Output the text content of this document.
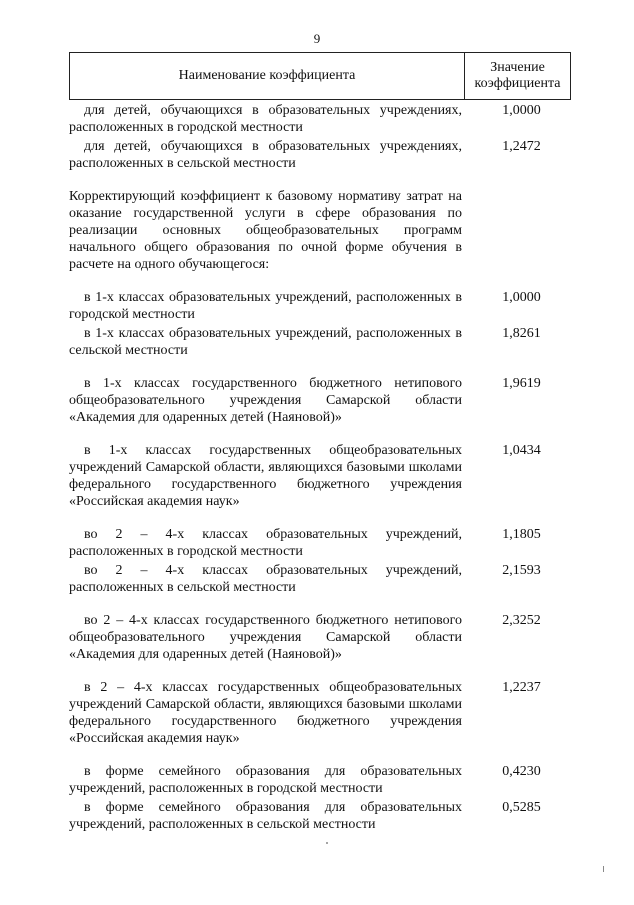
9
Наименование коэффициента
Значение
коэффициента
для детей, обучающихся в образовательных учреждениях, расположенных в городской местности
1,0000
для детей, обучающихся в образовательных учреждениях, расположенных в сельской местности
1,2472
Корректирующий коэффициент к базовому нормативу затрат на оказание государственной услуги в сфере образования по реализации основных общеобразовательных программ начального общего образования по очной форме обучения в расчете на одного обучающегося:
в 1-х классах образовательных учреждений, расположенных в городской местности
1,0000
в 1-х классах образовательных учреждений, расположенных в сельской местности
1,8261
в 1-х классах государственного бюджетного нетипового общеобразовательного учреждения Самарской области «Академия для одаренных детей (Наяновой)»
1,9619
в 1-х классах государственных общеобразовательных учреждений Самарской области, являющихся базовыми школами федерального государственного бюджетного учреждения «Российская академия наук»
1,0434
во 2 – 4-х классах образовательных учреждений, расположенных в городской местности
1,1805
во 2 – 4-х классах образовательных учреждений, расположенных в сельской местности
2,1593
во 2 – 4-х классах государственного бюджетного нетипового общеобразовательного учреждения Самарской области «Академия для одаренных детей (Наяновой)»
2,3252
в 2 – 4-х классах государственных общеобразовательных учреждений Самарской области, являющихся базовыми школами федерального государственного бюджетного учреждения «Российская академия наук»
1,2237
в форме семейного образования для образовательных учреждений, расположенных в городской местности
0,4230
в форме семейного образования для образовательных учреждений, расположенных в сельской местности
0,5285
